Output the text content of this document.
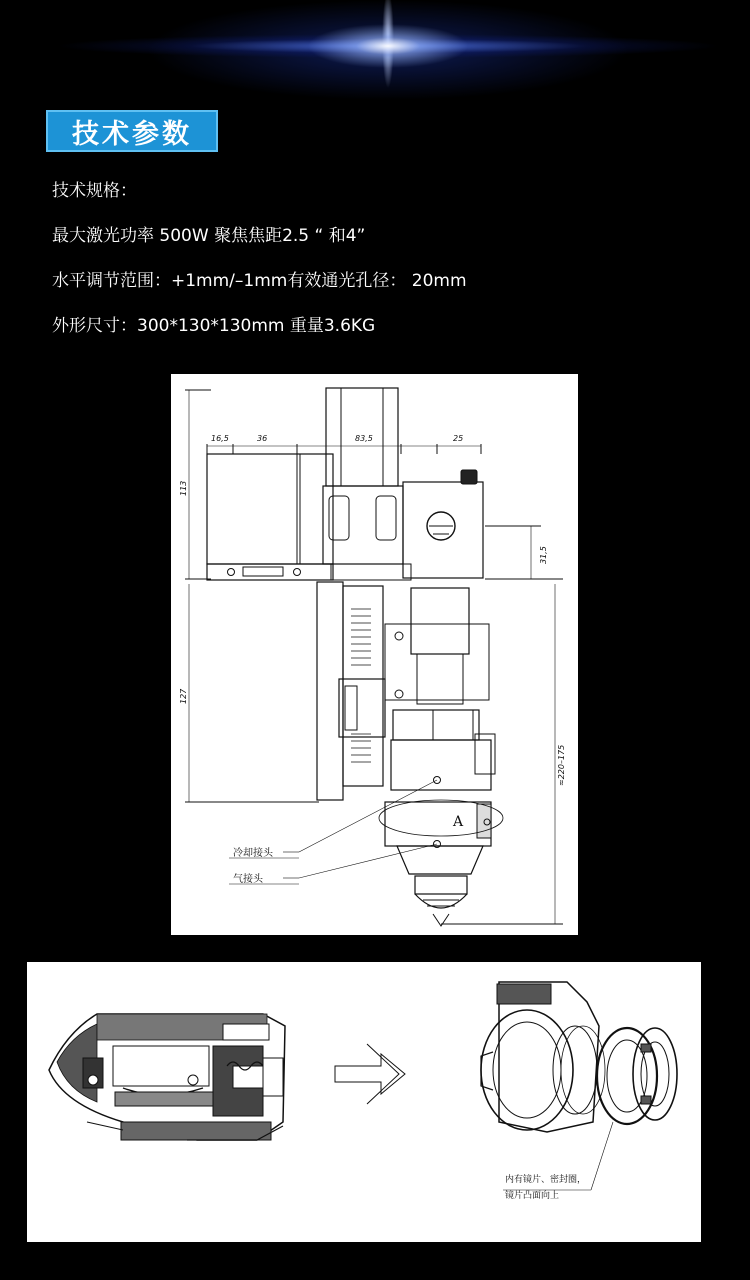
技术参数
技术规格：
最大激光功率 500W 聚焦焦距2.5 “ 和4”
水平调节范围：+1mm/–1mm有效通光孔径： 20mm
外形尺寸：300*130*130mm 重量3.6KG
16,5	36	83,5	25
113
127
31,5
≈220–175
A
冷却接头
气接头
内有镜片、密封圈，
镜片凸面向上
